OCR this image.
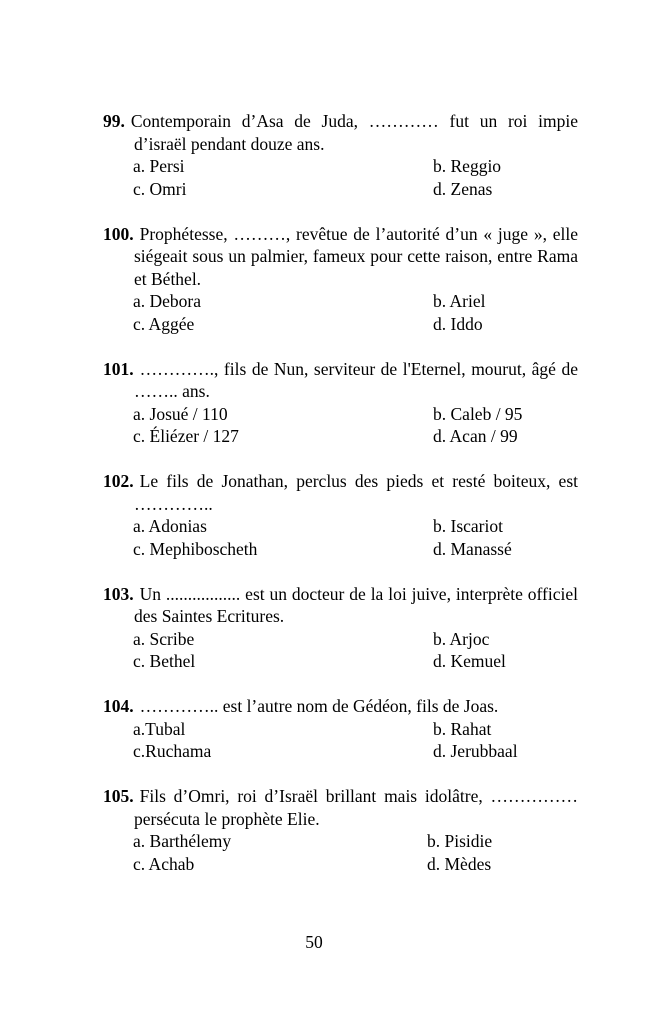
99. Contemporain d’Asa de Juda, ………… fut un roi impie d’israël pendant douze ans.
a. Persi	b. Reggio
c. Omri	d. Zenas
100. Prophétesse, ………, revêtue de l’autorité d’un « juge », elle siégeait sous un palmier, fameux pour cette raison, entre Rama et Béthel.
a. Debora	b. Ariel
c. Aggée	d. Iddo
101. …………., fils de Nun, serviteur de l'Eternel, mourut, âgé de …….. ans.
a. Josué / 110	b. Caleb / 95
c. Éliézer / 127	d. Acan / 99
102. Le fils de Jonathan, perclus des pieds et resté boiteux, est …………..
a. Adonias	b. Iscariot
c. Mephiboscheth	d. Manassé
103. Un ................. est un docteur de la loi juive, interprète officiel des Saintes Ecritures.
a. Scribe	b. Arjoc
c. Bethel	d. Kemuel
104. ………….. est l’autre nom de Gédéon, fils de Joas.
a.Tubal	b. Rahat
c.Ruchama	d. Jerubbaal
105. Fils d’Omri, roi d’Israël brillant mais idolâtre, …………… persécuta le prophète Elie.
a. Barthélemy	b. Pisidie
c. Achab	d. Mèdes
50
